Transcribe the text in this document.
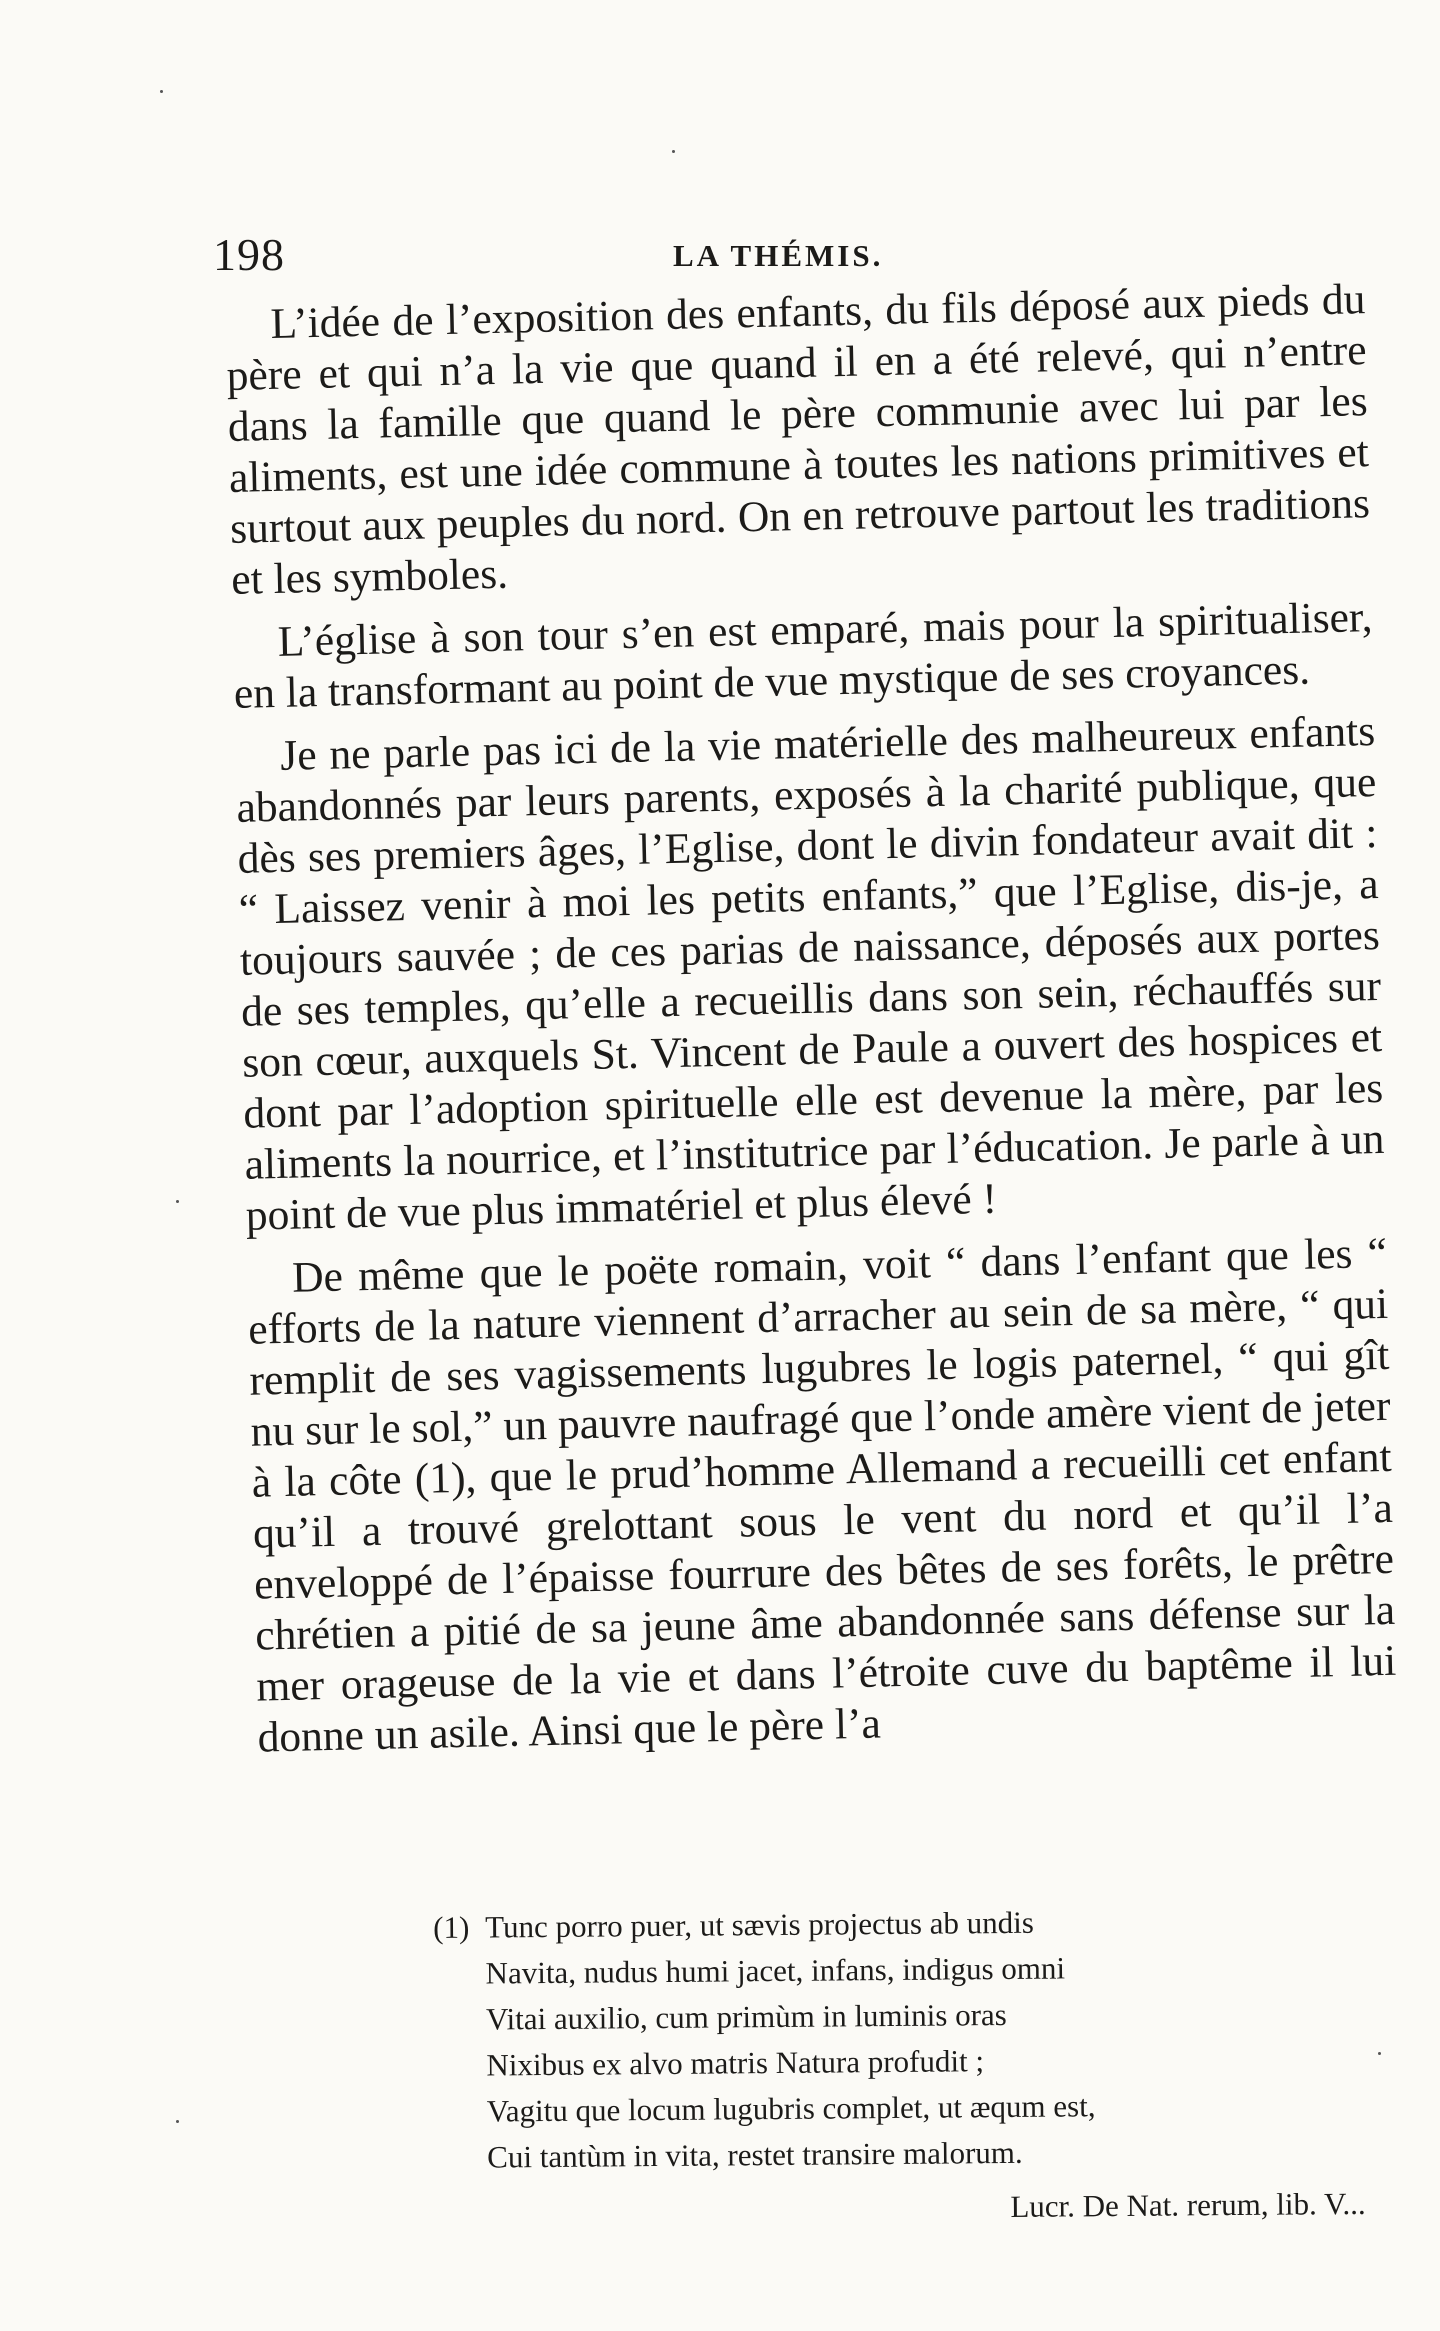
198	LA THÉMIS.

L’idée de l’exposition des enfants, du fils déposé aux pieds du père et qui n’a la vie que quand il en a été relevé, qui n’entre dans la famille que quand le père communie avec lui par les aliments, est une idée commune à toutes les nations primitives et surtout aux peuples du nord. On en retrouve partout les traditions et les symboles.

L’église à son tour s’en est emparé, mais pour la spiritualiser, en la transformant au point de vue mystique de ses croyances.

Je ne parle pas ici de la vie matérielle des malheureux enfants abandonnés par leurs parents, exposés à la charité publique, que dès ses premiers âges, l’Eglise, dont le divin fondateur avait dit : “ Laissez venir à moi les petits enfants,” que l’Eglise, dis-je, a toujours sauvée ; de ces parias de naissance, déposés aux portes de ses temples, qu’elle a recueillis dans son sein, réchauffés sur son cœur, auxquels St. Vincent de Paule a ouvert des hospices et dont par l’adoption spirituelle elle est devenue la mère, par les aliments la nourrice, et l’institutrice par l’éducation. Je parle à un point de vue plus immatériel et plus élevé !

De même que le poëte romain, voit “ dans l’enfant que les “ efforts de la nature viennent d’arracher au sein de sa mère, “ qui remplit de ses vagissements lugubres le logis paternel, “ qui gît nu sur le sol,” un pauvre naufragé que l’onde amère vient de jeter à la côte (1), que le prud’homme Allemand a recueilli cet enfant qu’il a trouvé grelottant sous le vent du nord et qu’il l’a enveloppé de l’épaisse fourrure des bêtes de ses forêts, le prêtre chrétien a pitié de sa jeune âme abandonnée sans défense sur la mer orageuse de la vie et dans l’étroite cuve du baptême il lui donne un asile. Ainsi que le père l’a

(1) Tunc porro puer, ut sævis projectus ab undis
Navita, nudus humi jacet, infans, indigus omni
Vitai auxilio, cum primùm in luminis oras
Nixibus ex alvo matris Natura profudit ;
Vagitu que locum lugubris complet, ut æqum est,
Cui tantùm in vita, restet transire malorum.
Lucr. De Nat. rerum, lib. V...
